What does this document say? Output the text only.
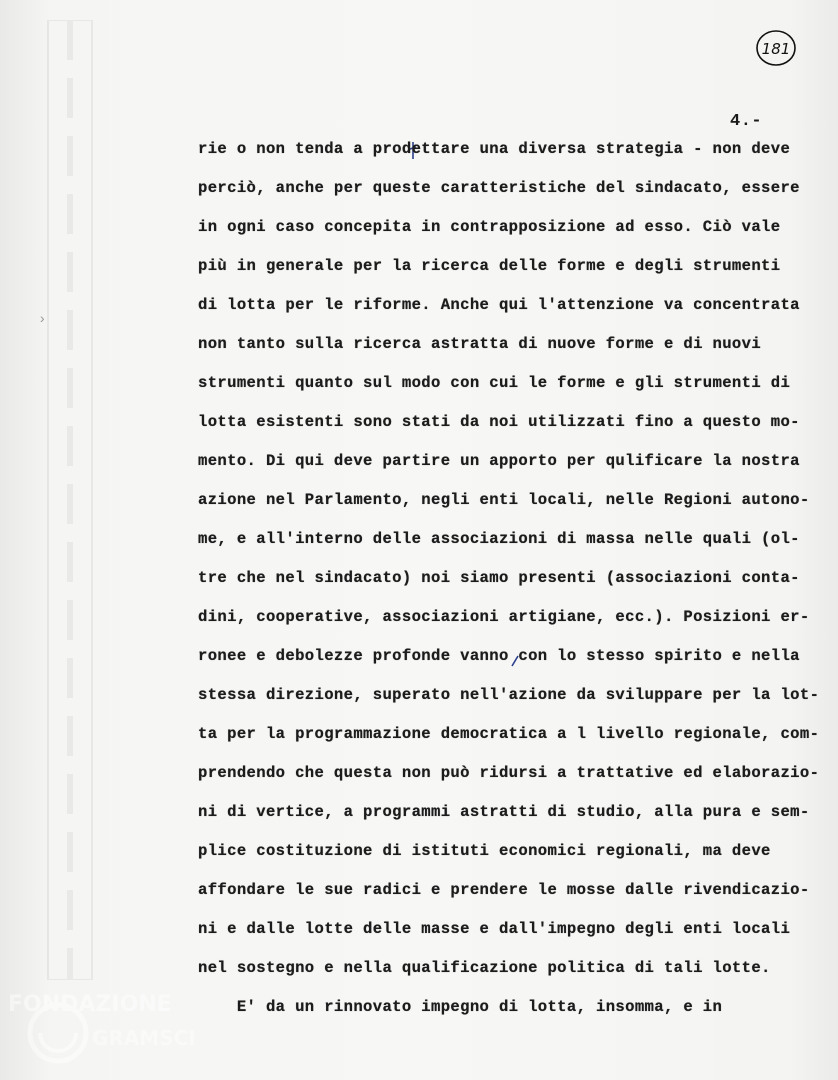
181
4.-
›
rie o non tenda a prodettare una diversa strategia - non deve
perciò, anche per queste caratteristiche del sindacato, essere
in ogni caso concepita in contrapposizione ad esso. Ciò vale
più in generale per la ricerca delle forme e degli strumenti
di lotta per le riforme. Anche qui l'attenzione va concentrata
non tanto sulla ricerca astratta di nuove forme e di nuovi
strumenti quanto sul modo con cui le forme e gli strumenti di
lotta esistenti sono stati da noi utilizzati fino a questo mo-
mento. Di qui deve partire un apporto per qulificare la nostra
azione nel Parlamento, negli enti locali, nelle Regioni autono-
me, e all'interno delle associazioni di massa nelle quali (ol-
tre che nel sindacato) noi siamo presenti (associazioni conta-
dini, cooperative, associazioni artigiane, ecc.). Posizioni er-
ronee e debolezze profonde vanno con lo stesso spirito e nella
stessa direzione, superato nell'azione da sviluppare per la lot-
ta per la programmazione democratica a l livello regionale, com-
prendendo che questa non può ridursi a trattative ed elaborazio-
ni di vertice, a programmi astratti di studio, alla pura e sem-
plice costituzione di istituti economici regionali, ma deve
affondare le sue radici e prendere le mosse dalle rivendicazio-
ni e dalle lotte delle masse e dall'impegno degli enti locali
nel sostegno e nella qualificazione politica di tali lotte.
E' da un rinnovato impegno di lotta, insomma, e in
FONDAZIONE
GRAMSCI
